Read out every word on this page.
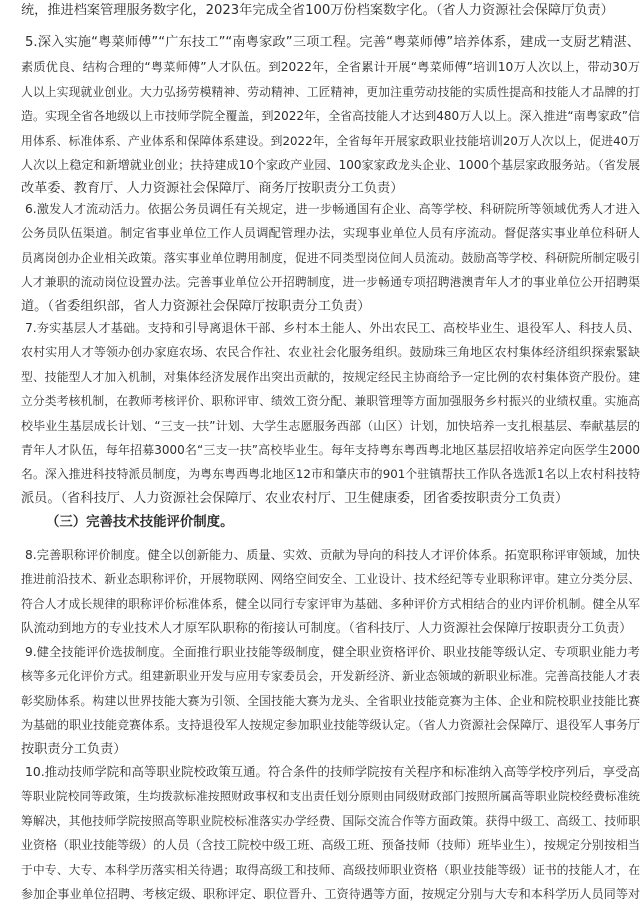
统，推进档案管理服务数字化，2023年完成全省100万份档案数字化。（省人力资源社会保障厅负责）

5.深入实施“粤菜师傅”“广东技工”“南粤家政”三项工程。完善“粤菜师傅”培养体系，建成一支厨艺精湛、
素质优良、结构合理的“粤菜师傅”人才队伍。到2022年，全省累计开展“粤菜师傅”培训10万人次以上，带动30万
人以上实现就业创业。大力弘扬劳模精神、劳动精神、工匠精神，更加注重劳动技能的实质性提高和技能人才品牌的打
造。实现全省各地级以上市技师学院全覆盖，到2022年，全省高技能人才达到480万人以上。深入推进“南粤家政”信
用体系、标准体系、产业体系和保障体系建设。到2022年，全省每年开展家政职业技能培训20万人次以上，促进40万
人次以上稳定和新增就业创业；扶持建成10个家政产业园、100家家政龙头企业、1000个基层家政服务站。（省发展
改革委、教育厅、人力资源社会保障厅、商务厅按职责分工负责）

6.激发人才流动活力。依据公务员调任有关规定，进一步畅通国有企业、高等学校、科研院所等领域优秀人才进入
公务员队伍渠道。制定省事业单位工作人员调配管理办法，实现事业单位人员有序流动。督促落实事业单位科研人
员离岗创办企业相关政策。落实事业单位聘用制度，促进不同类型岗位间人员流动。鼓励高等学校、科研院所制定吸引
人才兼职的流动岗位设置办法。完善事业单位公开招聘制度，进一步畅通专项招聘港澳青年人才的事业单位公开招聘渠
道。（省委组织部，省人力资源社会保障厅按职责分工负责）

7.夯实基层人才基础。支持和引导离退休干部、乡村本土能人、外出农民工、高校毕业生、退役军人、科技人员、
农村实用人才等领办创办家庭农场、农民合作社、农业社会化服务组织。鼓励珠三角地区农村集体经济组织探索緊缺
型、技能型人才加入机制，对集体经济发展作出突出贡献的，按规定经民主协商给予一定比例的农村集体资产股份。建
立分类考核机制，在教师考核评价、职称评审、绩效工资分配、兼职管理等方面加强服务乡村振兴的业绩权重。实施高
校毕业生基层成长计划、“三支一扶”计划、大学生志愿服务西部（山区）计划，加快培养一支扎根基层、奉献基层的
青年人才队伍，每年招募3000名“三支一扶”高校毕业生。每年支持粤东粤西粤北地区基层招收培养定向医学生2000
名。深入推进科技特派员制度，为粤东粤西粤北地区12市和肇庆市的901个驻镇帮扶工作队各选派1名以上农村科技特
派员。（省科技厅、人力资源社会保障厅、农业农村厅、卫生健康委，团省委按职责分工负责）

（三）完善技术技能评价制度。

8.完善职称评价制度。健全以创新能力、质量、实效、贡献为导向的科技人才评价体系。拓宽职称评审领域，加快
推进前沿技术、新业态职称评价，开展物联网、网络空间安全、工业设计、技术经纪等专业职称评审。建立分类分层、
符合人才成长规律的职称评价标准体系，健全以同行专家评审为基础、多种评价方式相结合的业内评价机制。健全从军
队流动到地方的专业技术人才原军队职称的衔接认可制度。（省科技厅、人力资源社会保障厅按职责分工负责）

9.健全技能评价选拔制度。全面推行职业技能等级制度，健全职业资格评价、职业技能等级认定、专项职业能力考
核等多元化评价方式。组建新职业开发与应用专家委员会，开发新经济、新业态领域的新职业标准。完善高技能人才表
彰奖励体系。构建以世界技能大赛为引领、全国技能大赛为龙头、全省职业技能竞赛为主体、企业和院校职业技能比赛
为基础的职业技能竞赛体系。支持退役军人按规定参加职业技能等级认定。（省人力资源社会保障厅、退役军人事务厅
按职责分工负责）

10.推动技师学院和高等职业院校政策互通。符合条件的技师学院按有关程序和标准纳入高等学校序列后，享受高
等职业院校同等政策，生均拨款标准按照财政事权和支出责任划分原则由同级财政部门按照所属高等职业院校经费标准统
筹解决，其他技师学院按照高等职业院校标准落实办学经费、国际交流合作等方面政策。获得中级工、高级工、技师职
业资格（职业技能等级）的人员（含技工院校中级工班、高级工班、预备技师（技师）班毕业生），按规定分别按相当
于中专、大专、本科学历落实相关待遇；取得高级工和技师、高级技师职业资格（职业技能等级）证书的技能人才，在
参加企事业单位招聘、考核定级、职称评定、职位晋升、工资待遇等方面，按规定分别与大专和本科学历人员同等对
